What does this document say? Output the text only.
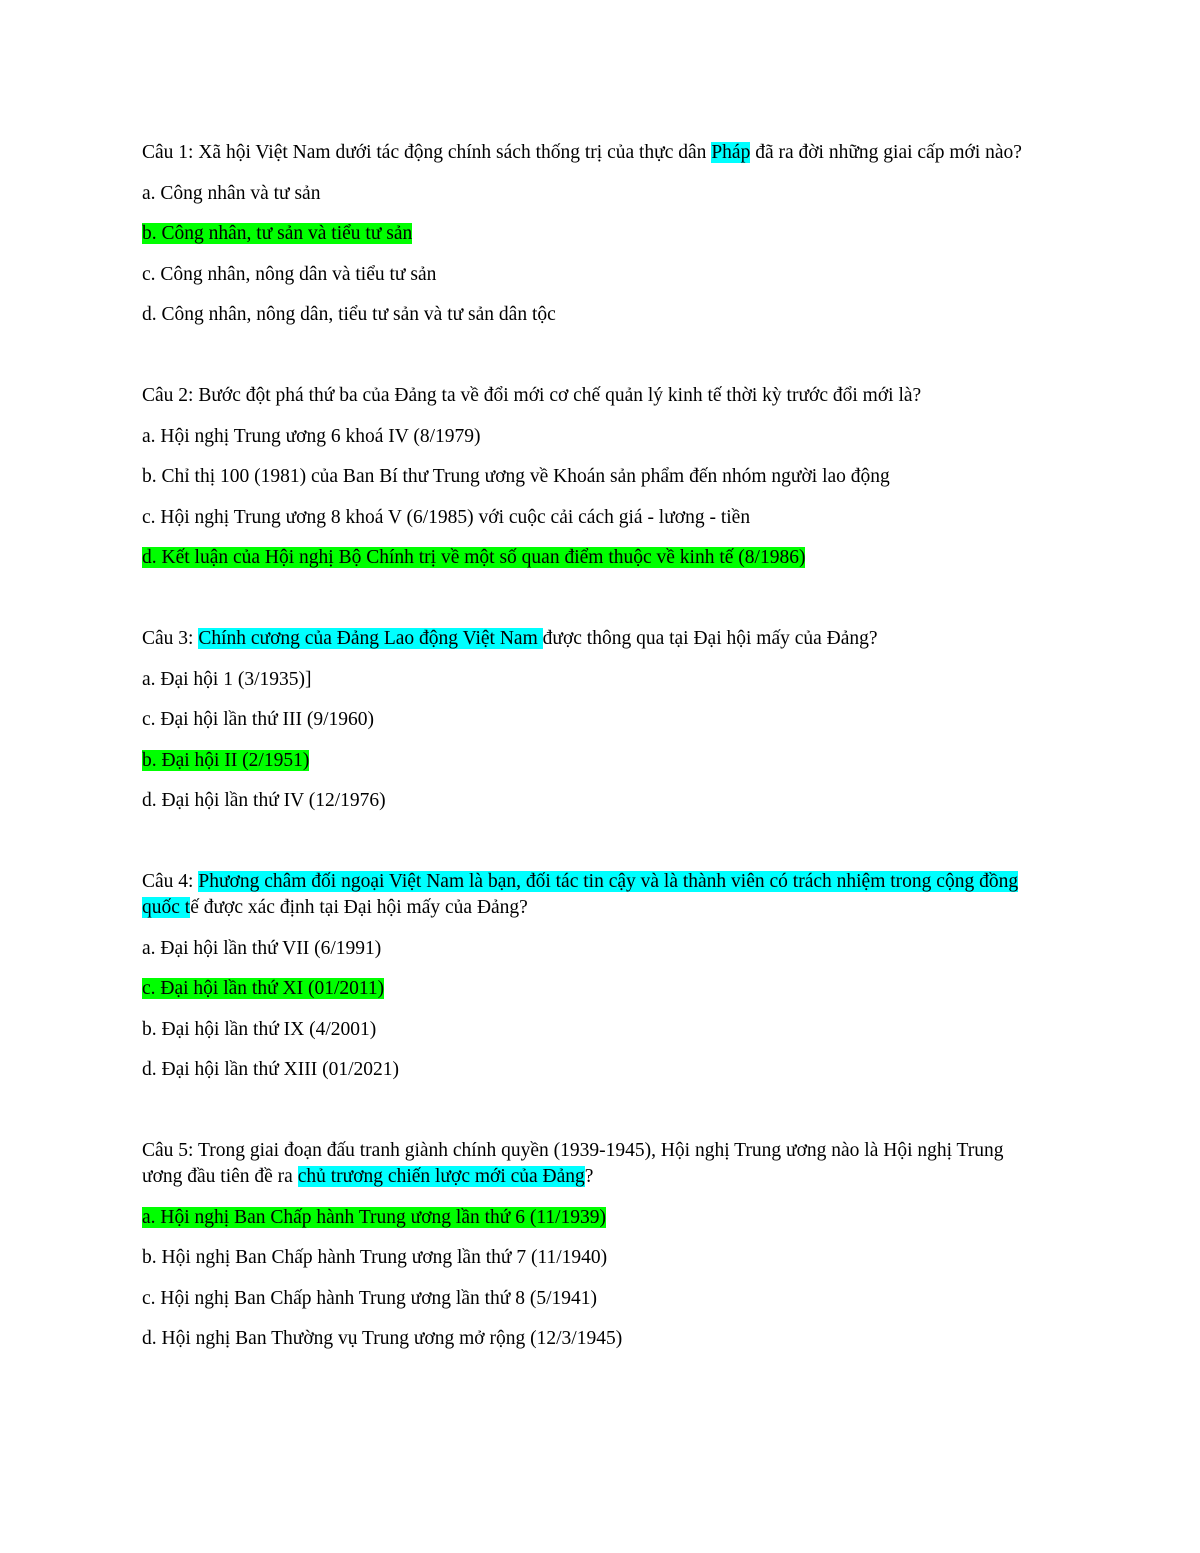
Câu 1: Xã hội Việt Nam dưới tác động chính sách thống trị của thực dân Pháp đã ra đời những giai cấp mới nào?

a. Công nhân và tư sản

b. Công nhân, tư sản và tiểu tư sản

c. Công nhân, nông dân và tiểu tư sản

d. Công nhân, nông dân, tiểu tư sản và tư sản dân tộc

Câu 2: Bước đột phá thứ ba của Đảng ta về đổi mới cơ chế quản lý kinh tế thời kỳ trước đổi mới là?

a. Hội nghị Trung ương 6 khoá IV (8/1979)

b. Chỉ thị 100 (1981) của Ban Bí thư Trung ương về Khoán sản phẩm đến nhóm người lao động

c. Hội nghị Trung ương 8 khoá V (6/1985) với cuộc cải cách giá - lương - tiền

d. Kết luận của Hội nghị Bộ Chính trị về một số quan điểm thuộc về kinh tế (8/1986)

Câu 3: Chính cương của Đảng Lao động Việt Nam được thông qua tại Đại hội mấy của Đảng?

a. Đại hội 1 (3/1935)]

c. Đại hội lần thứ III (9/1960)

b. Đại hội II (2/1951)

d. Đại hội lần thứ IV (12/1976)

Câu 4: Phương châm đối ngoại Việt Nam là bạn, đối tác tin cậy và là thành viên có trách nhiệm trong cộng đồng quốc tế được xác định tại Đại hội mấy của Đảng?

a. Đại hội lần thứ VII (6/1991)

c. Đại hội lần thứ XI (01/2011)

b. Đại hội lần thứ IX (4/2001)

d. Đại hội lần thứ XIII (01/2021)

Câu 5: Trong giai đoạn đấu tranh giành chính quyền (1939-1945), Hội nghị Trung ương nào là Hội nghị Trung ương đầu tiên đề ra chủ trương chiến lược mới của Đảng?

a. Hội nghị Ban Chấp hành Trung ương lần thứ 6 (11/1939)

b. Hội nghị Ban Chấp hành Trung ương lần thứ 7 (11/1940)

c. Hội nghị Ban Chấp hành Trung ương lần thứ 8 (5/1941)

d. Hội nghị Ban Thường vụ Trung ương mở rộng (12/3/1945)
